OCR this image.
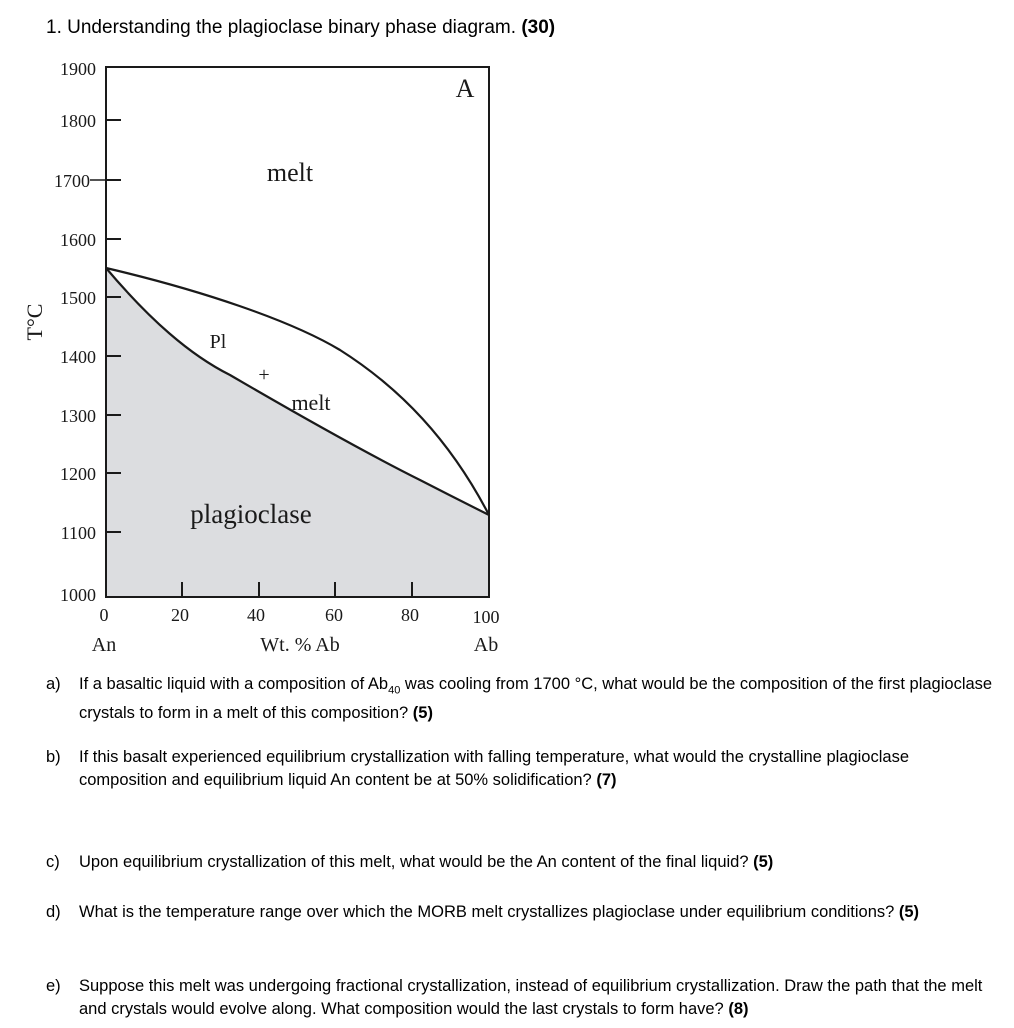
1. Understanding the plagioclase binary phase diagram. (30)
1900
1800
1700
1600
1500
1400
1300
1200
1100
1000
T°C
0	20	40	60	80	100
An	Wt. % Ab	Ab
A
melt
Pl
+
melt
plagioclase
a) If a basaltic liquid with a composition of $Ab_{40}$ was cooling from 1700 °C, what would be the composition of the first plagioclase crystals to form in a melt of this composition? (5)
b) If this basalt experienced equilibrium crystallization with falling temperature, what would the crystalline plagioclase composition and equilibrium liquid An content be at 50% solidification? (7)
c) Upon equilibrium crystallization of this melt, what would be the An content of the final liquid? (5)
d) What is the temperature range over which the MORB melt crystallizes plagioclase under equilibrium conditions? (5)
e) Suppose this melt was undergoing fractional crystallization, instead of equilibrium crystallization. Draw the path that the melt and crystals would evolve along. What composition would the last crystals to form have? (8)
